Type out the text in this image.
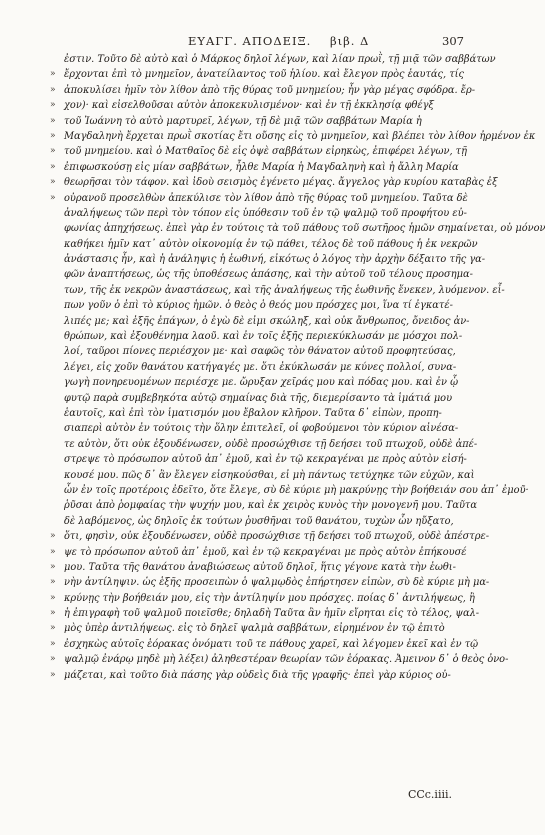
ΕΥΑΓΓ. ΑΠΟΔΕΙΞ. βιβ. Δ	307
ἐστιν. Τοῦτο δὲ αὐτὸ καὶ ὁ Μάρκος δηλοῖ λέγων, καὶ λίαν πρωῒ, τῇ μιᾷ τῶν σαββάτων
» ἔρχονται ἐπὶ τὸ μνημεῖον, ἀνατείλαντος τοῦ ἡλίου. καὶ ἔλεγον πρὸς ἑαυτάς, τίς
» ἀποκυλίσει ἡμῖν τὸν λίθον ἀπὸ τῆς θύρας τοῦ μνημείου; ἦν γὰρ μέγας σφόδρα. ἔρ-
» χον)· καὶ εἰσελθοῦσαι αὐτὸν ἀποκεκυλισμένον· καὶ ἐν τῇ ἐκκλησίᾳ φθέγξ
» τοῦ Ἰωάννη τὸ αὐτὸ μαρτυρεῖ, λέγων, τῇ δὲ μιᾷ τῶν σαββάτων Μαρία ἡ
» Μαγδαληνὴ ἔρχεται πρωῒ σκοτίας ἔτι οὔσης εἰς τὸ μνημεῖον, καὶ βλέπει τὸν λίθον ἠρμένον ἐκ
» τοῦ μνημείου. καὶ ὁ Ματθαῖος δὲ εἰς ὀψὲ σαββάτων εἰρηκὼς, ἐπιφέρει λέγων, τῇ
» ἐπιφωσκούσῃ εἰς μίαν σαββάτων, ἦλθε Μαρία ἡ Μαγδαληνὴ καὶ ἡ ἄλλη Μαρία
» θεωρῆσαι τὸν τάφον. καὶ ἰδοὺ σεισμὸς ἐγένετο μέγας. ἄγγελος γὰρ κυρίου καταβὰς ἐξ
» οὐρανοῦ προσελθὼν ἀπεκύλισε τὸν λίθον ἀπὸ τῆς θύρας τοῦ μνημείου. Ταῦτα δὲ
ἀναλήψεως τῶν περὶ τὸν τόπον εἰς ὑπόθεσιν τοῦ ἐν τῷ ψαλμῷ τοῦ προφήτου εὐ-
φωνίας ἀπηχήσεως. ἐπεὶ γὰρ ἐν τούτοις τὰ τοῦ πάθους τοῦ σωτῆρος ἡμῶν σημαίνεται, οὐ μόνον
καθήκει ἡμῖν κατ᾽ αὐτὸν οἰκονομίᾳ ἐν τῷ πάθει, τέλος δὲ τοῦ πάθους ἡ ἐκ νεκρῶν
ἀνάστασις ἦν, καὶ ἡ ἀνάληψις ἡ ἑωθινή, εἰκότως ὁ λόγος τὴν ἀρχὴν δέξαιτο τῆς γα-
φῶν ἀναπτήσεως, ὡς τῆς ὑποθέσεως ἁπάσης, καὶ τὴν αὐτοῦ τοῦ τέλους προσημα-
των, τῆς ἐκ νεκρῶν ἀναστάσεως, καὶ τῆς ἀναλήψεως τῆς ἑωθινῆς ἕνεκεν, λυόμενον. εἶ-
πων γοῦν ὁ ἐπὶ τὸ κύριος ἡμῶν. ὁ θεὸς ὁ θεός μου πρόσχες μοι, ἵνα τί ἐγκατέ-
λιπές με; καὶ ἑξῆς ἐπάγων, ὁ ἐγὼ δὲ εἰμι σκώληξ, καὶ οὐκ ἄνθρωπος, ὄνειδος ἀν-
θρώπων, καὶ ἐξουθένημα λαοῦ. καὶ ἐν τοῖς ἑξῆς περιεκύκλωσάν με μόσχοι πολ-
λοί, ταῦροι πίονες περιέσχον με· καὶ σαφῶς τὸν θάνατον αὐτοῦ προφητεύσας,
λέγει, εἰς χοῦν θανάτου κατήγαγές με. ὅτι ἐκύκλωσάν με κύνες πολλοί, συνα-
γωγὴ πονηρευομένων περιέσχε με. ὤρυξαν χεῖράς μου καὶ πόδας μου. καὶ ἐν ᾧ
φυτῷ παρὰ συμβεβηκότα αὐτῷ σημαίνας διὰ τῆς, διεμερίσαντο τὰ ἱμάτιά μου
ἑαυτοῖς, καὶ ἐπὶ τὸν ἱματισμόν μου ἔβαλον κλῆρον. Ταῦτα δ᾽ εἰπὼν, προπη-
σιαπερὶ αὐτὸν ἐν τούτοις τὴν ὅλην ἐπιτελεῖ, οἱ φοβούμενοι τὸν κύριον αἰνέσα-
τε αὐτὸν, ὅτι οὐκ ἐξουδένωσεν, οὐδὲ προσώχθισε τῇ δεήσει τοῦ πτωχοῦ, οὐδὲ ἀπέ-
στρεψε τὸ πρόσωπον αὐτοῦ ἀπ᾽ ἐμοῦ, καὶ ἐν τῷ κεκραγέναι με πρὸς αὐτὸν εἰσή-
κουσέ μου. πῶς δ᾽ ἂν ἔλεγεν εἰσηκούσθαι, εἰ μὴ πάντως τετύχηκε τῶν εὐχῶν, καὶ
ὧν ἐν τοῖς προτέροις ἐδεῖτο, ὅτε ἔλεγε, σὺ δὲ κύριε μὴ μακρύνῃς τὴν βοήθειάν σου ἀπ᾽ ἐμοῦ·
ῥῦσαι ἀπὸ ῥομφαίας τὴν ψυχήν μου, καὶ ἐκ χειρὸς κυνὸς τὴν μονογενῆ μου. Ταῦτα
δὲ λαβόμενος, ὡς δηλοῖς ἐκ τούτων ῥυσθῆναι τοῦ θανάτου, τυχὼν ὧν ηὔξατο,
» ὅτι, φησὶν, οὐκ ἐξουδένωσεν, οὐδὲ προσώχθισε τῇ δεήσει τοῦ πτωχοῦ, οὐδὲ ἀπέστρε-
» ψε τὸ πρόσωπον αὐτοῦ ἀπ᾽ ἐμοῦ, καὶ ἐν τῷ κεκραγέναι με πρὸς αὐτὸν ἐπήκουσέ
» μου. Ταῦτα τῆς θανάτου ἀναβιώσεως αὐτοῦ δηλοῖ, ἥτις γέγονε κατὰ τὴν ἑωθι-
» νὴν ἀντίληψιν. ὡς ἑξῆς προσειπὼν ὁ ψαλμῳδὸς ἐπήρτησεν εἰπὼν, σὺ δὲ κύριε μὴ μα-
» κρύνῃς τὴν βοήθειάν μου, εἰς τὴν ἀντίληψίν μου πρόσχες. ποίας δ᾽ ἀντιλήψεως, ἢ
» ἡ ἐπιγραφὴ τοῦ ψαλμοῦ ποιεῖσθε; δηλαδὴ Ταῦτα ἂν ἡμῖν εἴρηται εἰς τὸ τέλος, ψαλ-
» μὸς ὑπὲρ ἀντιλήψεως. εἰς τὸ δηλεῖ ψαλμὰ σαββάτων, εἰρημένον ἐν τῷ ἐπιτὸ
» ἐσχηκὼς αὐτοῖς ἑόρακας ὀνόματι τοῦ τε πάθους χαρεῖ, καὶ λέγομεν ἐκεῖ καὶ ἐν τῷ
» ψαλμῷ ἐνάρῳ μηδὲ μὴ λέξει) ἀληθεστέραν θεωρίαν τῶν ἑόρακας. Ἀμεινον δ᾽ ὁ θεὸς ὀνο-
» μάζεται, καὶ τοῦτο διὰ πάσης γὰρ οὐδεὶς διὰ τῆς γραφῆς· ἐπεὶ γὰρ κύριος οὐ-
CCc.iiii.
